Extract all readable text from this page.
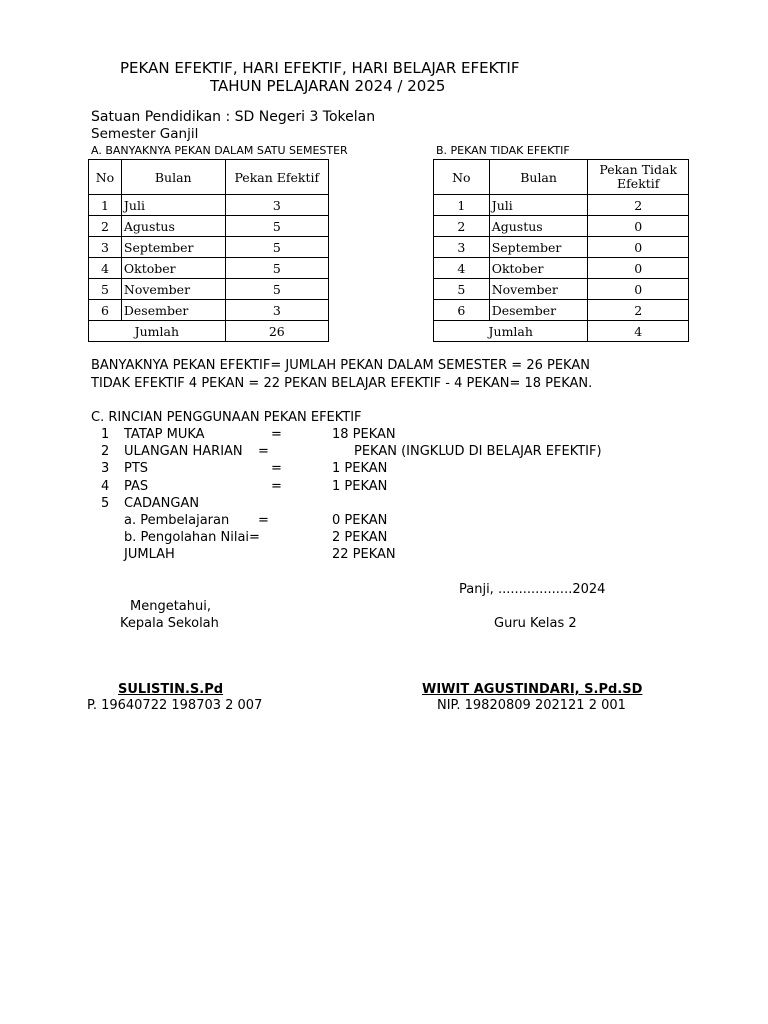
PEKAN EFEKTIF, HARI EFEKTIF, HARI BELAJAR EFEKTIF
TAHUN PELAJARAN 2024 / 2025
Satuan Pendidikan : SD Negeri 3 Tokelan
Semester Ganjil
A. BANYAKNYA PEKAN DALAM SATU SEMESTER
No	Bulan	Pekan Efektif
1	Juli	3
2	Agustus	5
3	September	5
4	Oktober	5
5	November	5
6	Desember	3
Jumlah		26
B. PEKAN TIDAK EFEKTIF
No	Bulan	Pekan Tidak
Efektif

1	Juli	2
2	Agustus	0
3	September	0
4	Oktober	0
5	November	0
6	Desember	2
Jumlah		4
BANYAKNYA PEKAN EFEKTIF= JUMLAH PEKAN DALAM SEMESTER = 26 PEKAN
TIDAK EFEKTIF 4 PEKAN = 22 PEKAN BELAJAR EFEKTIF - 4 PEKAN= 18 PEKAN.
C. RINCIAN PENGGUNAAN PEKAN EFEKTIF
1 TATAP MUKA	=	18 PEKAN
2 ULANGAN HARIAN =	PEKAN (INGKLUD DI BELAJAR EFEKTIF)
3 PTS	=	1 PEKAN
4 PAS	=	1 PEKAN
5 CADANGAN
a. Pembelajaran =	0 PEKAN
b. Pengolahan Nilai=	2 PEKAN
JUMLAH	22 PEKAN
Panji, ..................2024
Mengetahui,
Kepala Sekolah	Guru Kelas 2
SULISTIN.S.Pd
P. 19640722 198703 2 007
WIWIT AGUSTINDARI, S.Pd.SD
NIP. 19820809 202121 2 001
